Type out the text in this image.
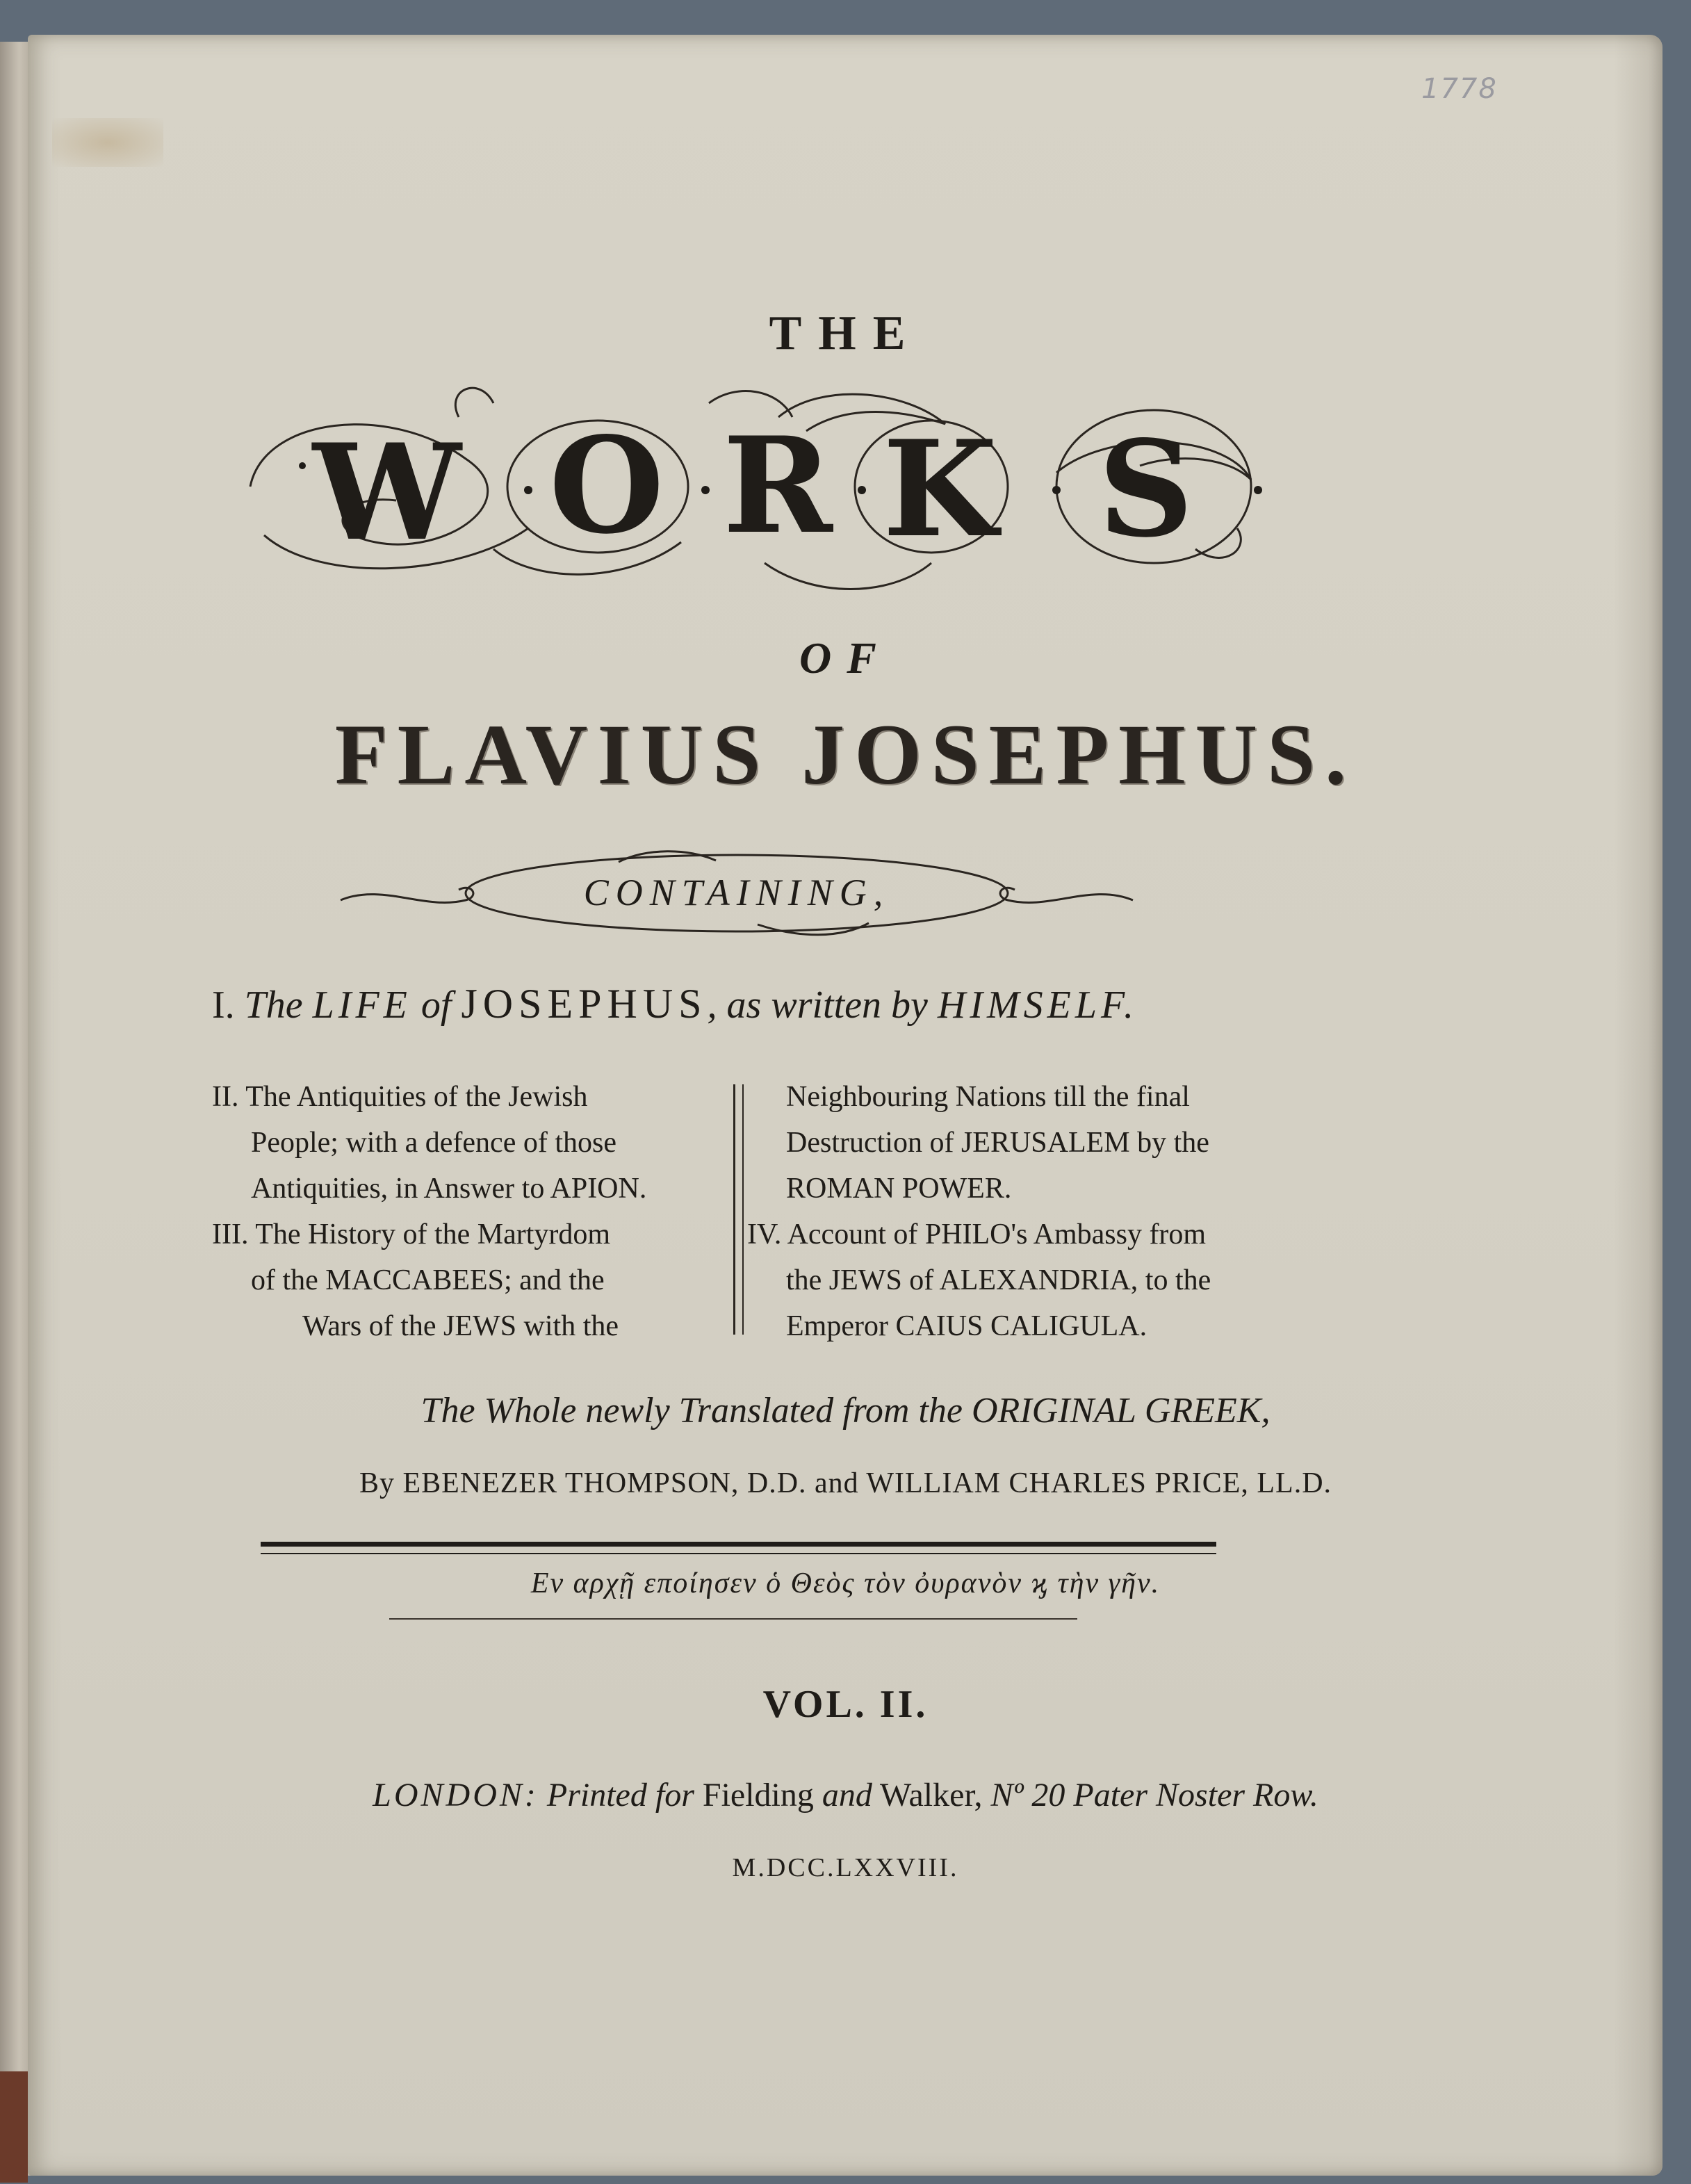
1778
THE
W O R K S
OF
FLAVIUS JOSEPHUS.
CONTAINING,
I. The LIFE of JOSEPHUS, as written by HIMSELF.
II. The Antiquities of the Jewish
People; with a defence of those
Antiquities, in Answer to APION.
III. The History of the Martyrdom
of the MACCABEES; and the
Wars of the JEWS with the
Neighbouring Nations till the final
Destruction of JERUSALEM by the
ROMAN POWER.
IV. Account of PHILO's Ambassy from
the JEWS of ALEXANDRIA, to the
Emperor CAIUS CALIGULA.
The Whole newly Translated from the ORIGINAL GREEK,
By EBENEZER THOMPSON, D.D. and WILLIAM CHARLES PRICE, LL.D.
Εν αρχῇ εποίησεν ὁ Θεὸς τὸν ὀυρανὸν ϗ τὴν γῆν.
VOL. II.
LONDON: Printed for Fielding and Walker, Nº 20 Pater Noster Row.
M.DCC.LXXVIII.
